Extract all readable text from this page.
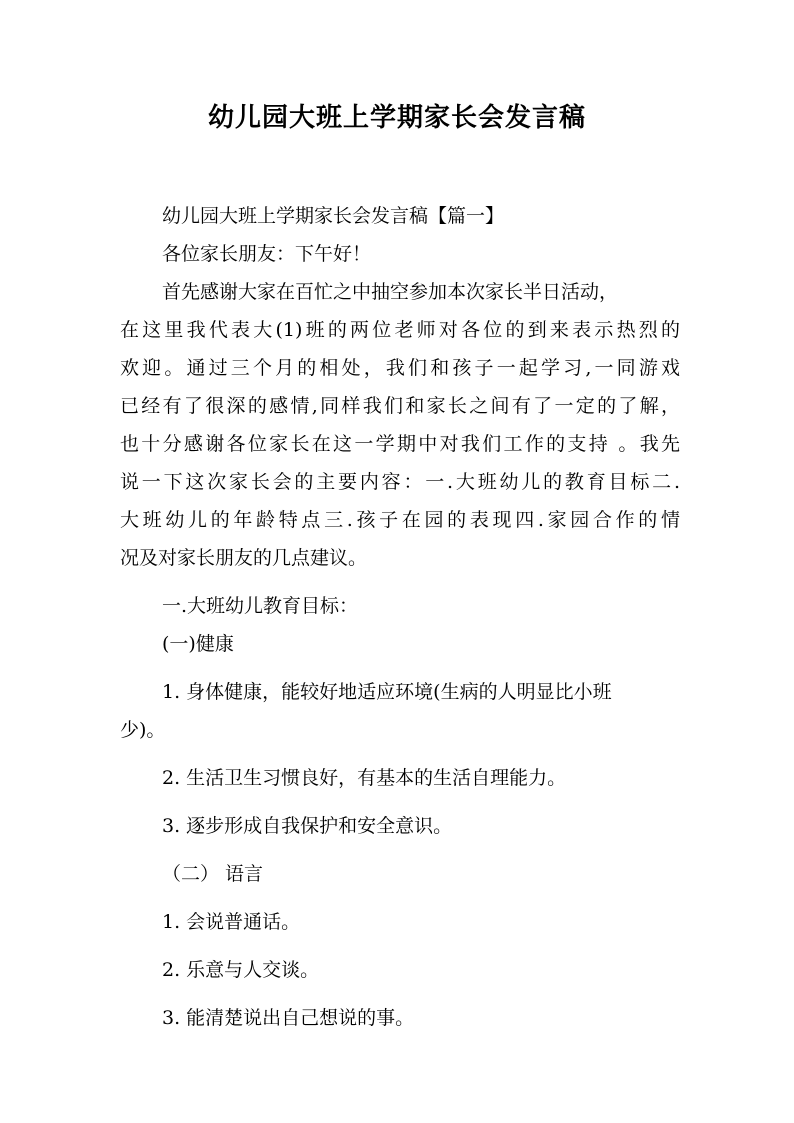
幼儿园大班上学期家长会发言稿
幼儿园大班上学期家长会发言稿【篇一】
各位家长朋友：下午好！
首先感谢大家在百忙之中抽空参加本次家长半日活动，
在这里我代表大(1)班的两位老师对各位的到来表示热烈的
欢迎。通过三个月的相处，我们和孩子一起学习,一同游戏
已经有了很深的感情,同样我们和家长之间有了一定的了解，
也十分感谢各位家长在这一学期中对我们工作的支持 。我先
说一下这次家长会的主要内容：一.大班幼儿的教育目标二.
大班幼儿的年龄特点三.孩子在园的表现四.家园合作的情
况及对家长朋友的几点建议。
一.大班幼儿教育目标：
(一)健康
1. 身体健康，能较好地适应环境(生病的人明显比小班
少)。
2. 生活卫生习惯良好，有基本的生活自理能力。
3. 逐步形成自我保护和安全意识。
（二） 语言
1. 会说普通话。
2. 乐意与人交谈。
3. 能清楚说出自己想说的事。
